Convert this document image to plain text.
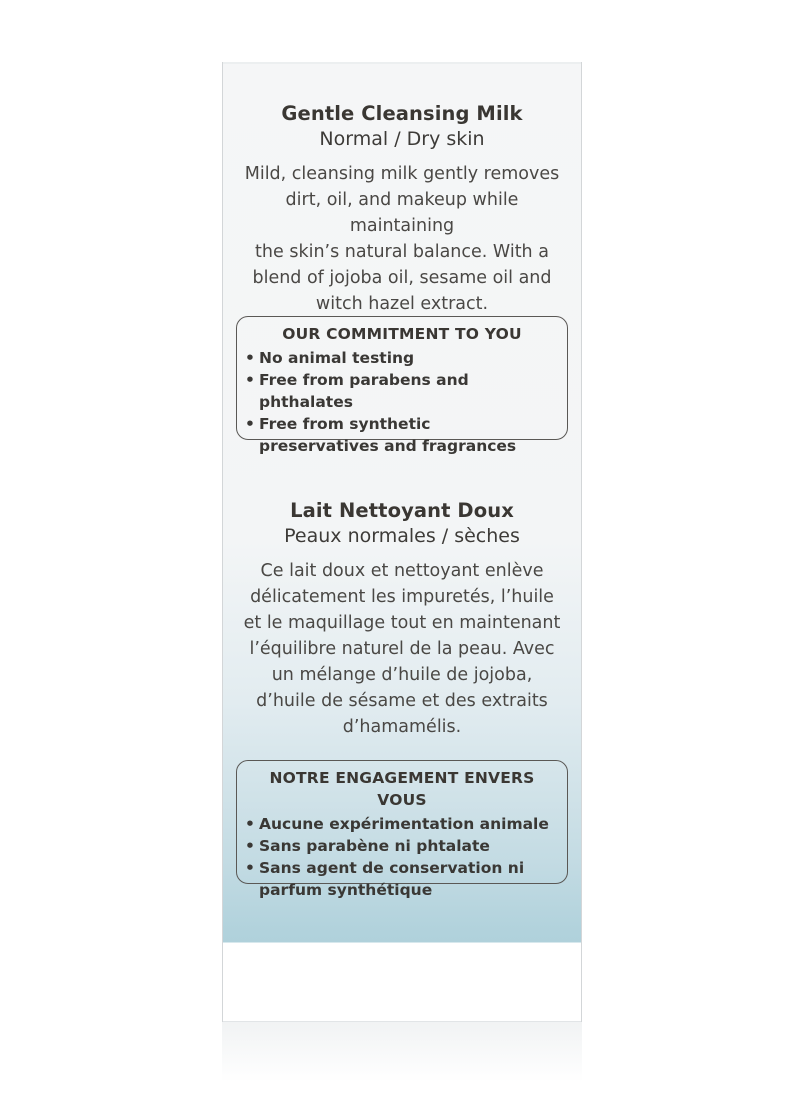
Gentle Cleansing Milk
Normal / Dry skin
Mild, cleansing milk gently removes
dirt, oil, and makeup while maintaining
the skin’s natural balance. With a
blend of jojoba oil, sesame oil and
witch hazel extract.
OUR COMMITMENT TO YOU
• No animal testing
• Free from parabens and phthalates
• Free from synthetic preservatives and fragrances
Lait Nettoyant Doux
Peaux normales / sèches
Ce lait doux et nettoyant enlève
délicatement les impuretés, l’huile
et le maquillage tout en maintenant
l’équilibre naturel de la peau. Avec
un mélange d’huile de jojoba,
d’huile de sésame et des extraits
d’hamamélis.
NOTRE ENGAGEMENT ENVERS VOUS
• Aucune expérimentation animale
• Sans parabène ni phtalate
• Sans agent de conservation ni parfum synthétique
